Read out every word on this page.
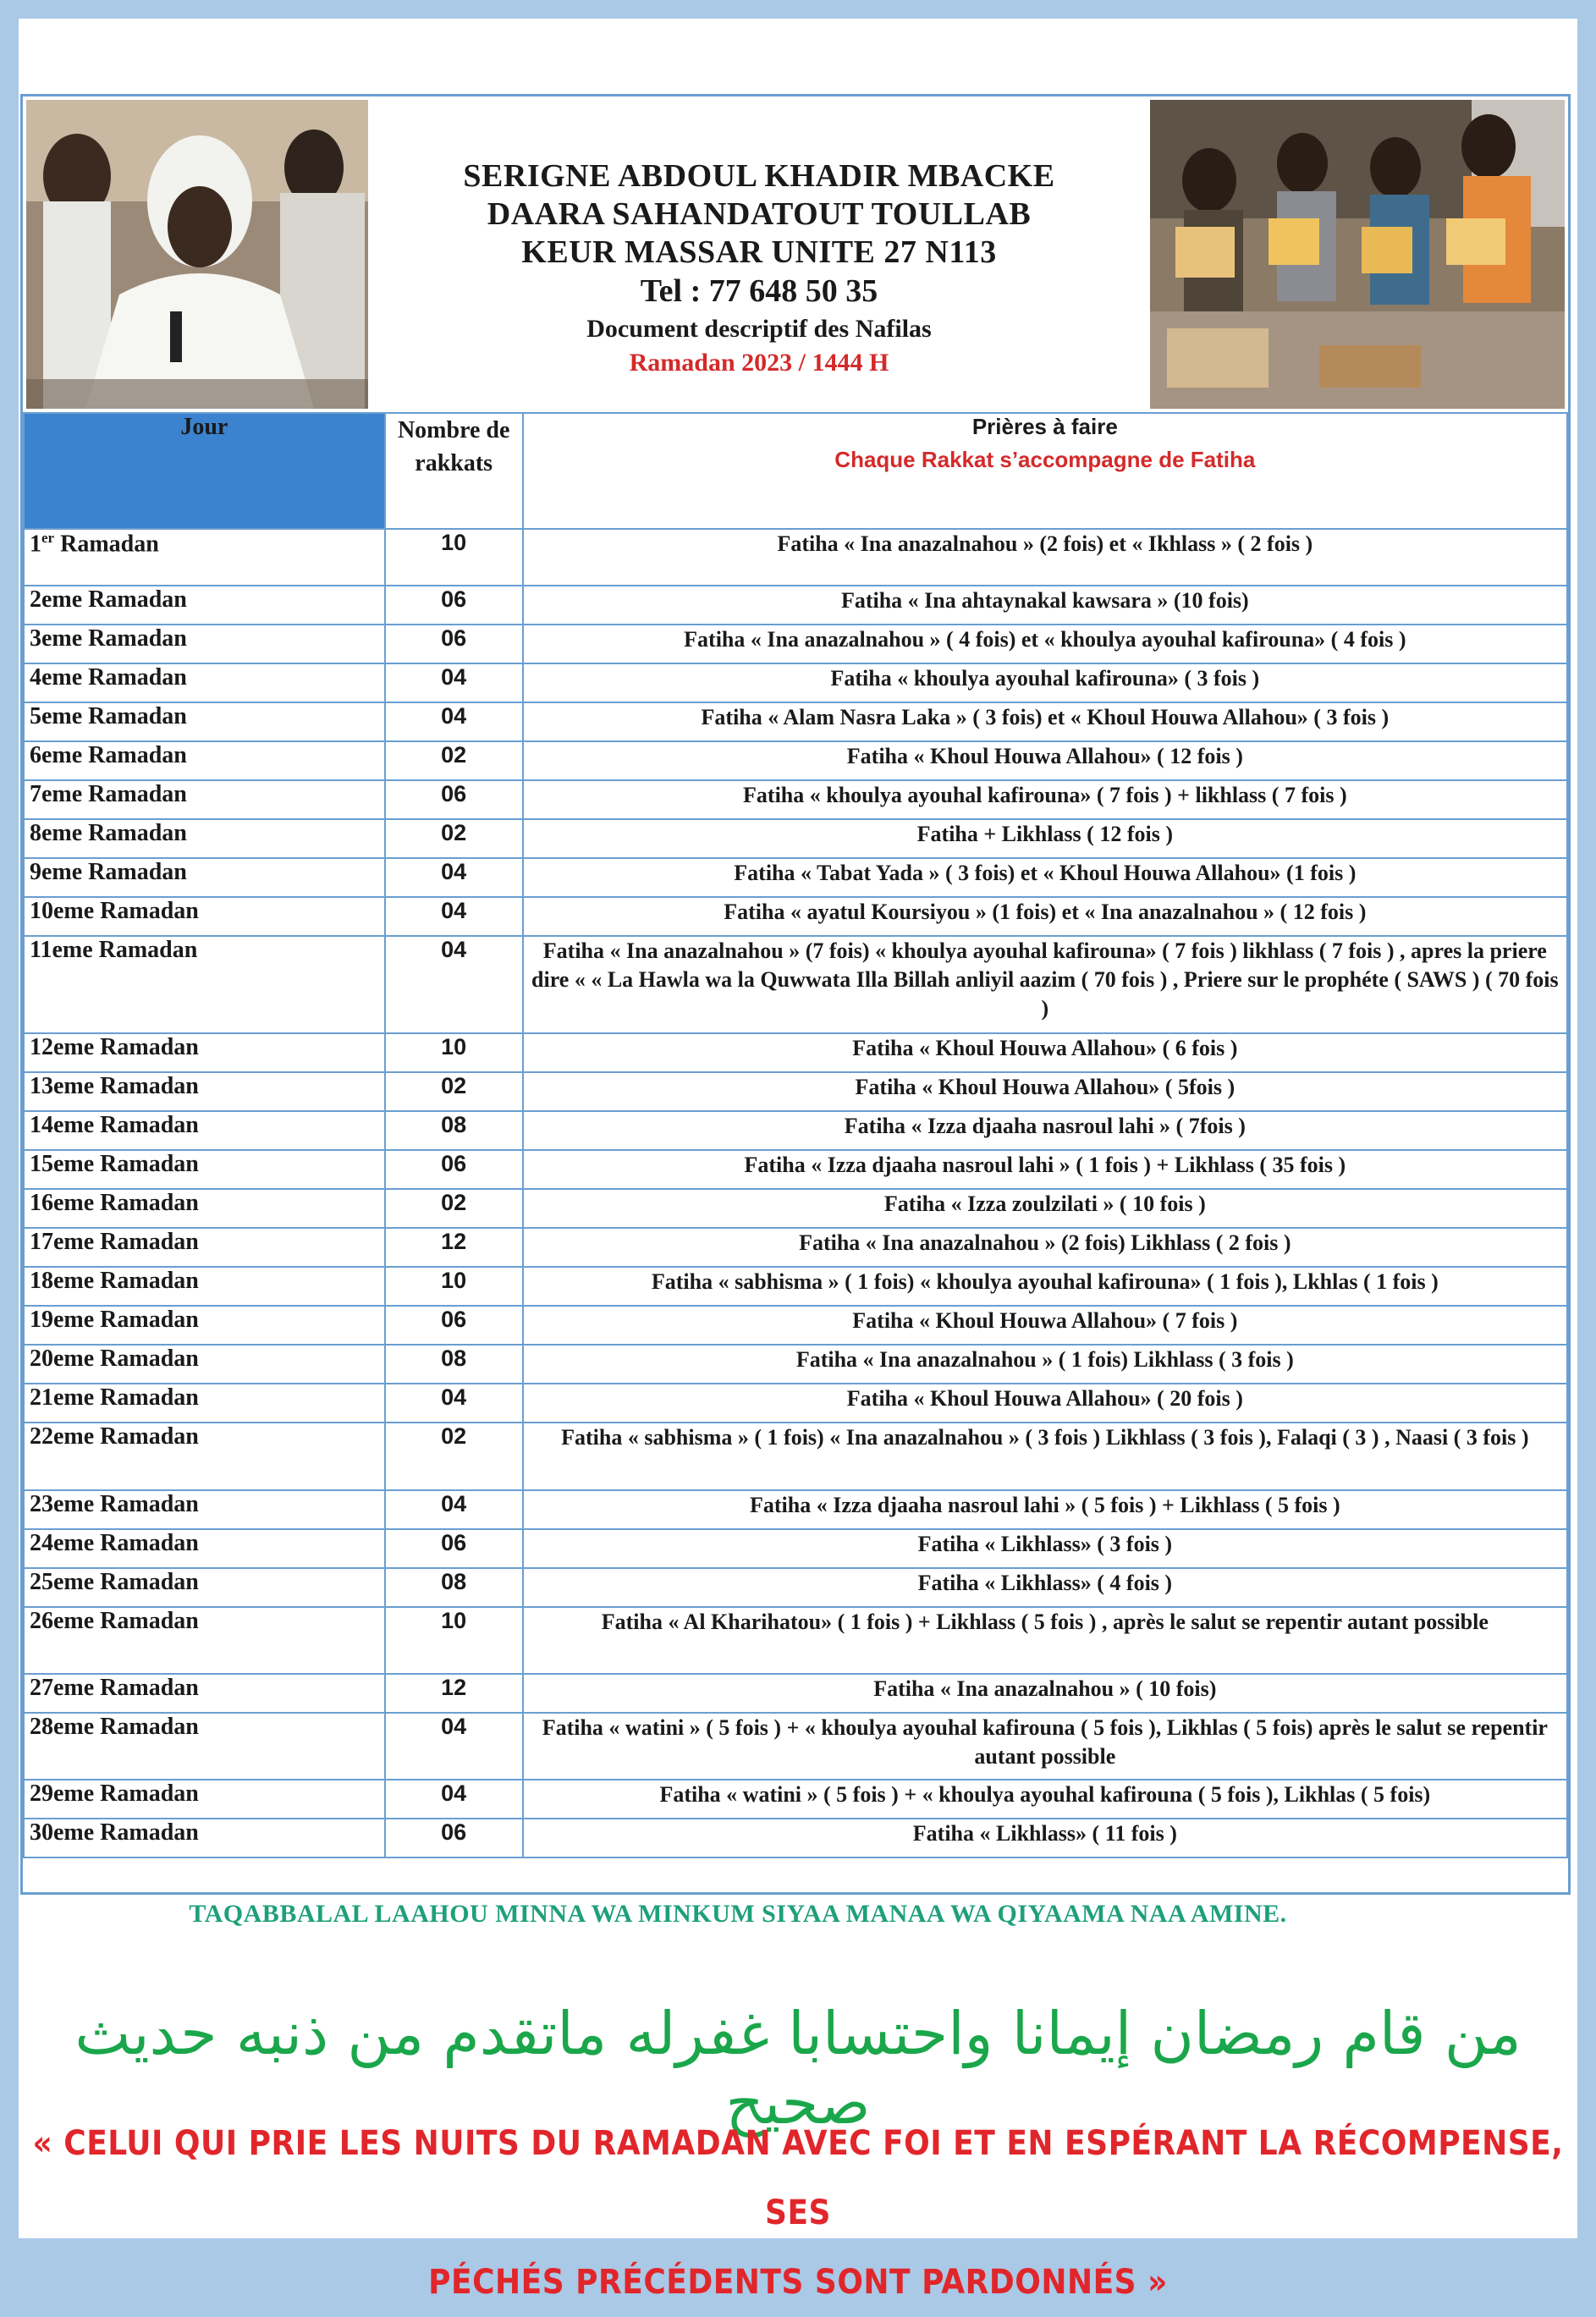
SERIGNE ABDOUL KHADIR MBACKE
DAARA SAHANDATOUT TOULLAB
KEUR MASSAR UNITE 27 N113
Tel : 77 648 50 35
Document descriptif des Nafilas
Ramadan 2023 / 1444 H
Jour	Nombre de rakkats	Prières à faire
Chaque Rakkat s’accompagne de Fatiha

1er Ramadan	10	Fatiha « Ina anazalnahou » (2 fois) et « Ikhlass » ( 2 fois )
2eme Ramadan	06	Fatiha « Ina ahtaynakal kawsara » (10 fois)
3eme Ramadan	06	Fatiha « Ina anazalnahou » ( 4 fois) et « khoulya ayouhal kafirouna» ( 4 fois )
4eme Ramadan	04	Fatiha « khoulya ayouhal kafirouna» ( 3 fois )
5eme Ramadan	04	Fatiha « Alam Nasra Laka » ( 3 fois) et « Khoul Houwa Allahou» ( 3 fois )
6eme Ramadan	02	Fatiha « Khoul Houwa Allahou» ( 12 fois )
7eme Ramadan	06	Fatiha « khoulya ayouhal kafirouna» ( 7 fois ) + likhlass ( 7 fois )
8eme Ramadan	02	Fatiha + Likhlass ( 12 fois )
9eme Ramadan	04	Fatiha « Tabat Yada » ( 3 fois) et « Khoul Houwa Allahou» (1 fois )
10eme Ramadan	04	Fatiha « ayatul Koursiyou » (1 fois) et « Ina anazalnahou » ( 12 fois )
11eme Ramadan	04	Fatiha « Ina anazalnahou » (7 fois) « khoulya ayouhal kafirouna» ( 7 fois ) likhlass ( 7 fois ) , apres la priere dire « « La Hawla wa la Quwwata Illa Billah anliyil aazim ( 70 fois ) , Priere sur le prophéte ( SAWS ) ( 70 fois )
12eme Ramadan	10	Fatiha « Khoul Houwa Allahou» ( 6 fois )
13eme Ramadan	02	Fatiha « Khoul Houwa Allahou» ( 5fois )
14eme Ramadan	08	Fatiha « Izza djaaha nasroul lahi » ( 7fois )
15eme Ramadan	06	Fatiha « Izza djaaha nasroul lahi » ( 1 fois ) + Likhlass ( 35 fois )
16eme Ramadan	02	Fatiha « Izza zoulzilati » ( 10 fois )
17eme Ramadan	12	Fatiha « Ina anazalnahou » (2 fois) Likhlass ( 2 fois )
18eme Ramadan	10	Fatiha « sabhisma » ( 1 fois) « khoulya ayouhal kafirouna» ( 1 fois ), Lkhlas ( 1 fois )
19eme Ramadan	06	Fatiha « Khoul Houwa Allahou» ( 7 fois )
20eme Ramadan	08	Fatiha « Ina anazalnahou » ( 1 fois) Likhlass ( 3 fois )
21eme Ramadan	04	Fatiha « Khoul Houwa Allahou» ( 20 fois )
22eme Ramadan	02	Fatiha « sabhisma » ( 1 fois) « Ina anazalnahou » ( 3 fois ) Likhlass ( 3 fois ), Falaqi ( 3 ) , Naasi ( 3 fois )
23eme Ramadan	04	Fatiha « Izza djaaha nasroul lahi » ( 5 fois ) + Likhlass ( 5 fois )
24eme Ramadan	06	Fatiha « Likhlass» ( 3 fois )
25eme Ramadan	08	Fatiha « Likhlass» ( 4 fois )
26eme Ramadan	10	Fatiha « Al Kharihatou» ( 1 fois ) + Likhlass ( 5 fois ) , après le salut se repentir autant possible
27eme Ramadan	12	Fatiha « Ina anazalnahou » ( 10 fois)
28eme Ramadan	04	Fatiha « watini » ( 5 fois ) + « khoulya ayouhal kafirouna ( 5 fois ), Likhlas ( 5 fois) après le salut se repentir autant possible
29eme Ramadan	04	Fatiha « watini » ( 5 fois ) + « khoulya ayouhal kafirouna ( 5 fois ), Likhlas ( 5 fois)
30eme Ramadan	06	Fatiha « Likhlass» ( 11 fois )
TAQABBALAL LAAHOU MINNA WA MINKUM SIYAA MANAA WA QIYAAMA NAA AMINE.
من قام رمضان إيمانا واحتسابا غفرله ماتقدم من ذنبه حديث صحيح
« CELUI QUI PRIE LES NUITS DU RAMADAN AVEC FOI ET EN ESPÉRANT LA RÉCOMPENSE, SES
PÉCHÉS PRÉCÉDENTS SONT PARDONNÉS »
